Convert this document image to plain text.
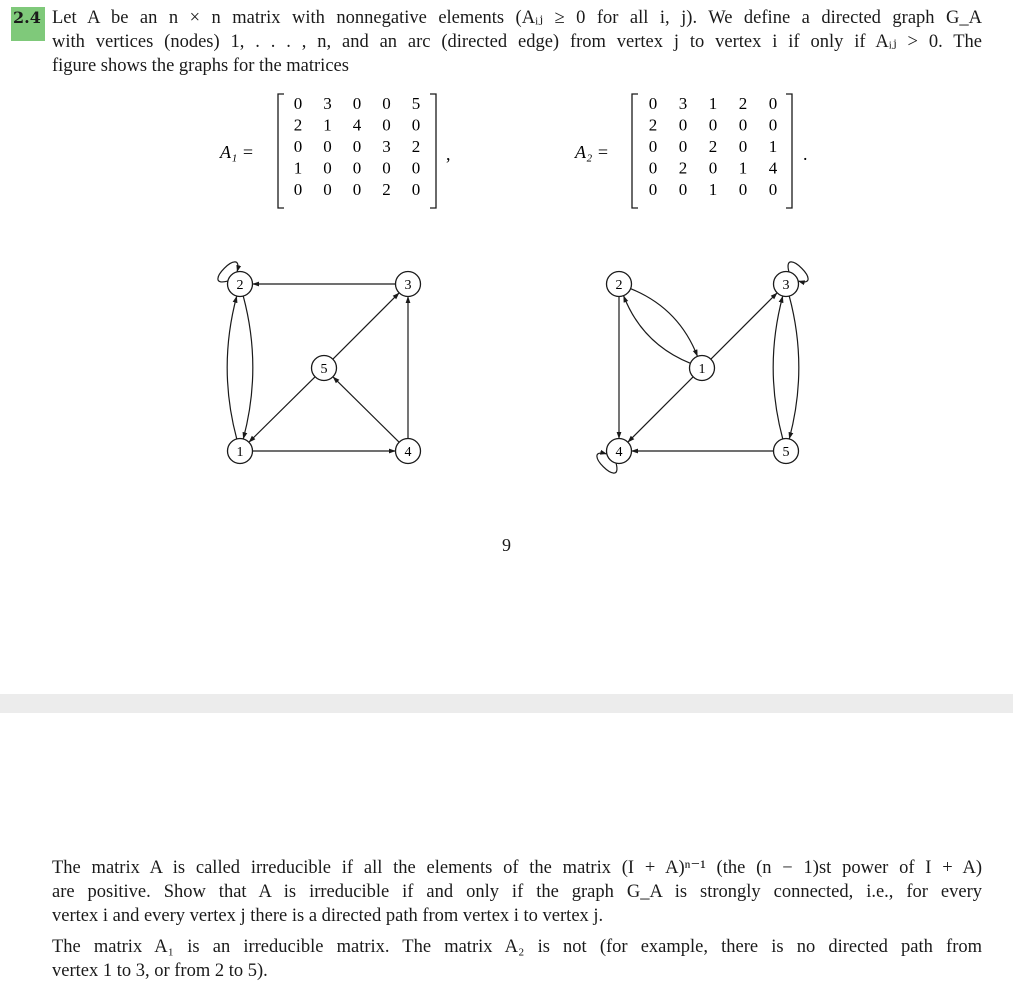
2.4 Let A be an n × n matrix with nonnegative elements (Aᵢⱼ ≥ 0 for all i, j). We define a directed graph G_A
with vertices (nodes) 1, . . . , n, and an arc (directed edge) from vertex j to vertex i if only if Aᵢⱼ > 0. The
figure shows the graphs for the matrices
A₁ =
0 3 0 0 5
2 1 4 0 0
0 0 0 3 2
1 0 0 0 0
0 0 0 2 0
,	A₂ =
0 3 1 2 0
2 0 0 0 0
0 0 2 0 1
0 2 0 1 4
0 0 1 0 0
.
1
2	3
4
5	1
2	3
4	5
9
The matrix A is called irreducible if all the elements of the matrix (I + A)ⁿ⁻¹ (the (n − 1)st power of I + A)
are positive. Show that A is irreducible if and only if the graph G_A is strongly connected, i.e., for every
vertex i and every vertex j there is a directed path from vertex i to vertex j.
The matrix A₁ is an irreducible matrix. The matrix A₂ is not (for example, there is no directed path from
vertex 1 to 3, or from 2 to 5).
